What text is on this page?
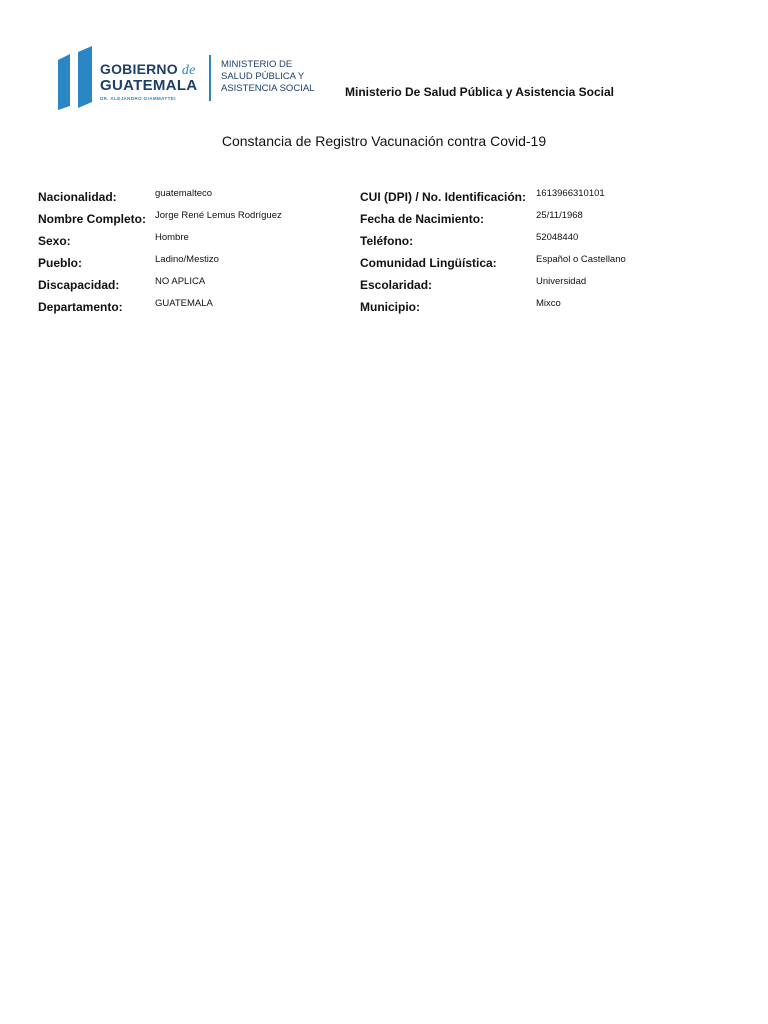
GOBIERNO de
GUATEMALA
DR. ALEJANDRO GIAMMATTEI
MINISTERIO DE
SALUD PÚBLICA Y
ASISTENCIA SOCIAL	Ministerio De Salud Pública y Asistencia Social
Constancia de Registro Vacunación contra Covid-19
Nacionalidad:	guatemalteco	CUI (DPI) / No. Identificación: 1613966310101
Nombre Completo: Jorge René Lemus Rodríguez	Fecha de Nacimiento:	25/11/1968
Sexo:	Hombre	Teléfono:	52048440
Pueblo:	Ladino/Mestizo	Comunidad Lingüística:	Español o Castellano
Discapacidad:	NO APLICA	Escolaridad:	Universidad
Departamento:	GUATEMALA	Municipio:	Mixco
